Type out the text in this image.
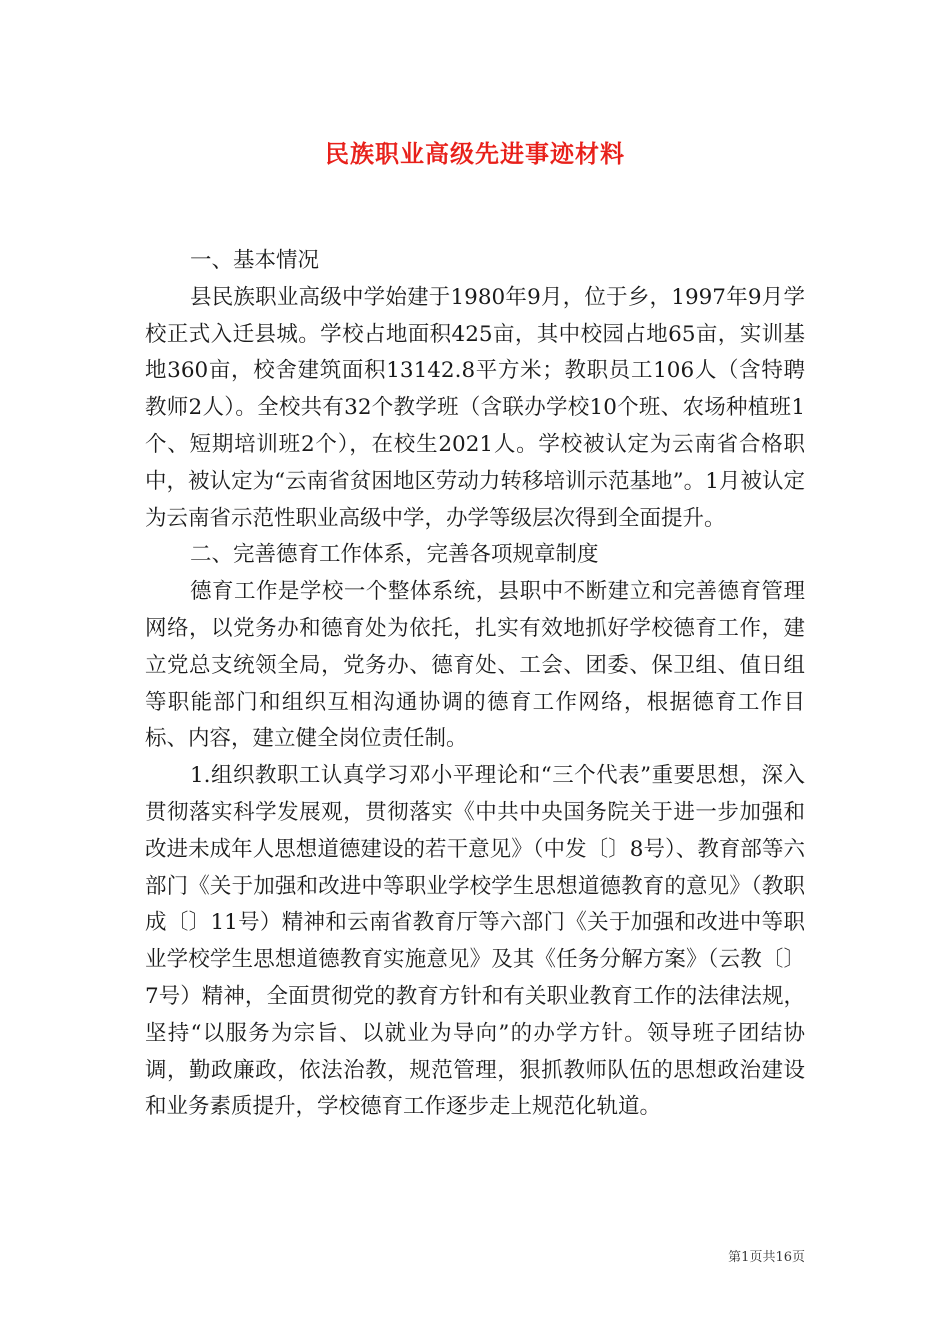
民族职业高级先进事迹材料

一、基本情况

县民族职业高级中学始建于1980年9月，位于乡，1997年9月学校正式入迁县城。学校占地面积425亩，其中校园占地65亩，实训基地360亩，校舍建筑面积13142.8平方米；教职员工106人（含特聘教师2人）。全校共有32个教学班（含联办学校10个班、农场种植班1个、短期培训班2个），在校生2021人。学校被认定为云南省合格职中，被认定为“云南省贫困地区劳动力转移培训示范基地”。1月被认定为云南省示范性职业高级中学，办学等级层次得到全面提升。

二、完善德育工作体系，完善各项规章制度

德育工作是学校一个整体系统，县职中不断建立和完善德育管理网络，以党务办和德育处为依托，扎实有效地抓好学校德育工作，建立党总支统领全局，党务办、德育处、工会、团委、保卫组、值日组等职能部门和组织互相沟通协调的德育工作网络，根据德育工作目标、内容，建立健全岗位责任制。

1.组织教职工认真学习邓小平理论和“三个代表”重要思想，深入贯彻落实科学发展观，贯彻落实《中共中央国务院关于进一步加强和改进未成年人思想道德建设的若干意见》（中发〔〕8号）、教育部等六部门《关于加强和改进中等职业学校学生思想道德教育的意见》（教职成〔〕11号）精神和云南省教育厅等六部门《关于加强和改进中等职业学校学生思想道德教育实施意见》及其《任务分解方案》（云教〔〕7号）精神，全面贯彻党的教育方针和有关职业教育工作的法律法规，坚持“以服务为宗旨、以就业为导向”的办学方针。领导班子团结协调，勤政廉政，依法治教，规范管理，狠抓教师队伍的思想政治建设和业务素质提升，学校德育工作逐步走上规范化轨道。

第1页共16页
